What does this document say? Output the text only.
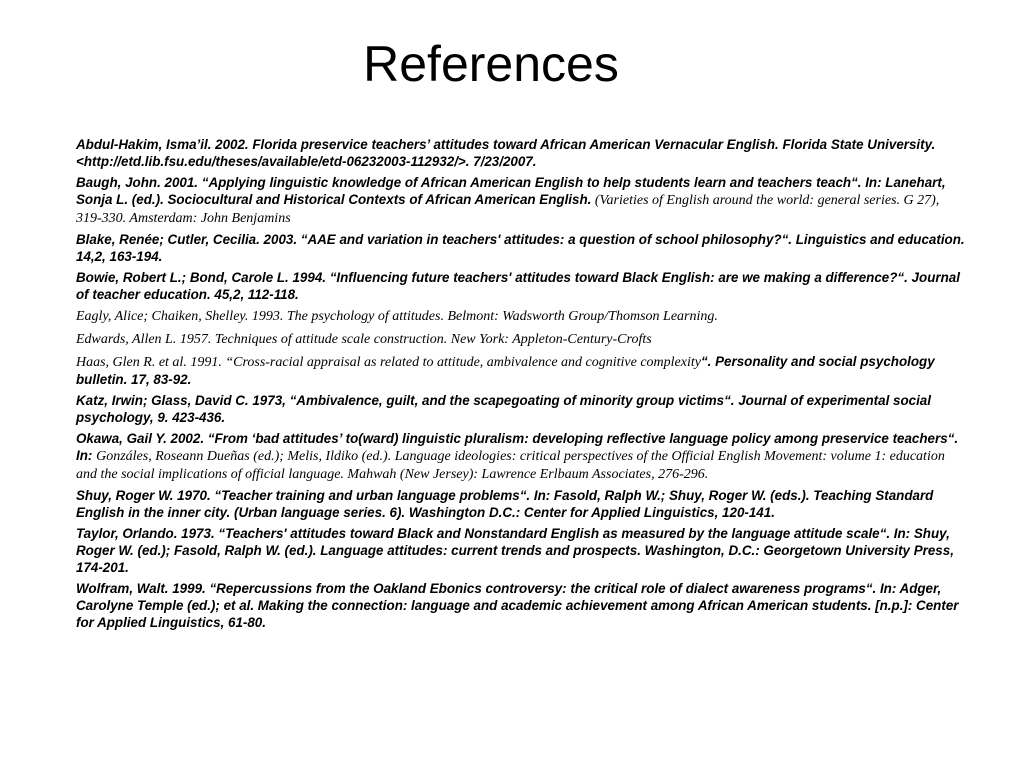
References

Abdul-Hakim, Isma’il. 2002. Florida preservice teachers’ attitudes toward African American Vernacular English. Florida State University. <http://etd.lib.fsu.edu/theses/available/etd-06232003-112932/>. 7/23/2007.

Baugh, John. 2001. “Applying linguistic knowledge of African American English to help students learn and teachers teach“. In: Lanehart, Sonja L. (ed.). Sociocultural and Historical Contexts of African American English. (Varieties of English around the world: general series. G 27), 319-330. Amsterdam: John Benjamins

Blake, Renée; Cutler, Cecilia. 2003. “AAE and variation in teachers' attitudes: a question of school philosophy?“. Linguistics and education. 14,2, 163-194.

Bowie, Robert L.; Bond, Carole L. 1994. “Influencing future teachers' attitudes toward Black English: are we making a difference?“. Journal of teacher education. 45,2, 112-118.

Eagly, Alice; Chaiken, Shelley. 1993. The psychology of attitudes. Belmont: Wadsworth Group/Thomson Learning.

Edwards, Allen L. 1957. Techniques of attitude scale construction. New York: Appleton-Century-Crofts

Haas, Glen R. et al. 1991. “Cross-racial appraisal as related to attitude, ambivalence and cognitive complexity“. Personality and social psychology bulletin. 17, 83-92.

Katz, Irwin; Glass, David C. 1973, “Ambivalence, guilt, and the scapegoating of minority group victims“. Journal of experimental social psychology, 9. 423-436.

Okawa, Gail Y. 2002. “From ‘bad attitudes’ to(ward) linguistic pluralism: developing reflective language policy among preservice teachers“. In: Gonzáles, Roseann Dueñas (ed.); Melis, Ildiko (ed.). Language ideologies: critical perspectives of the Official English Movement: volume 1: education and the social implications of official language. Mahwah (New Jersey): Lawrence Erlbaum Associates, 276-296.

Shuy, Roger W. 1970. “Teacher training and urban language problems“. In: Fasold, Ralph W.; Shuy, Roger W. (eds.). Teaching Standard English in the inner city. (Urban language series. 6). Washington D.C.: Center for Applied Linguistics, 120-141.

Taylor, Orlando. 1973. “Teachers' attitudes toward Black and Nonstandard English as measured by the language attitude scale“. In: Shuy, Roger W. (ed.); Fasold, Ralph W. (ed.). Language attitudes: current trends and prospects. Washington, D.C.: Georgetown University Press, 174-201.

Wolfram, Walt. 1999. “Repercussions from the Oakland Ebonics controversy: the critical role of dialect awareness programs“. In: Adger, Carolyne Temple (ed.); et al. Making the connection: language and academic achievement among African American students. [n.p.]: Center for Applied Linguistics, 61-80.
